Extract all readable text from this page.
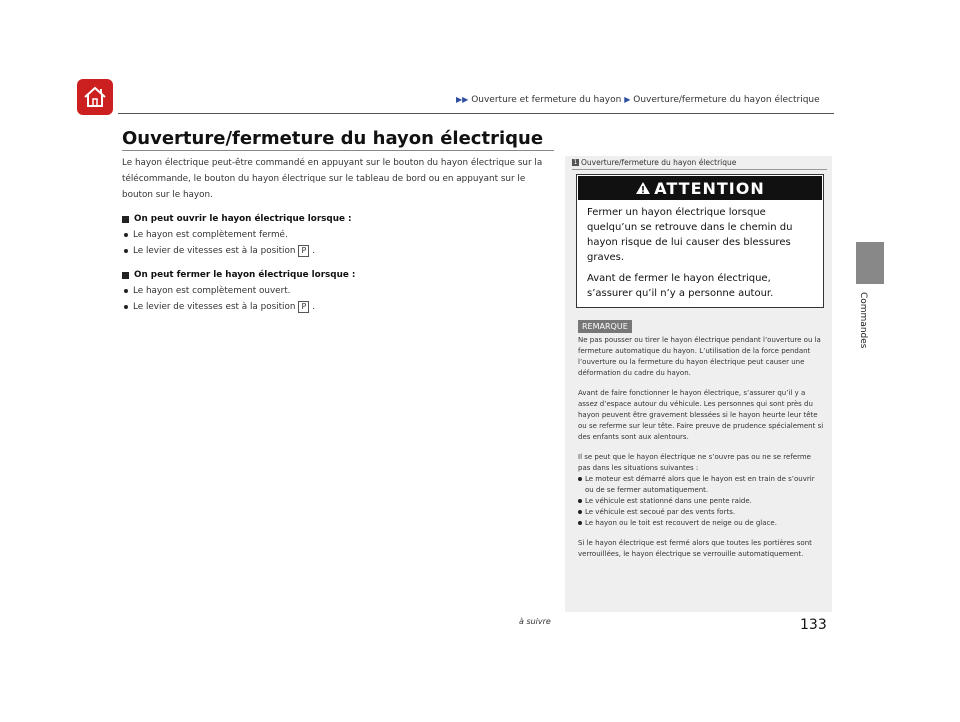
▶▶ Ouverture et fermeture du hayon ▶ Ouverture/fermeture du hayon électrique
Commandes
Ouverture/fermeture du hayon électrique

Le hayon électrique peut-être commandé en appuyant sur le bouton du hayon électrique sur la télécommande, le bouton du hayon électrique sur le tableau de bord ou en appuyant sur le bouton sur le hayon.

On peut ouvrir le hayon électrique lorsque :
Le hayon est complètement fermé.
Le levier de vitesses est à la position P .
On peut fermer le hayon électrique lorsque :
Le hayon est complètement ouvert.
Le levier de vitesses est à la position P .
1 Ouverture/fermeture du hayon électrique
ATTENTION

Fermer un hayon électrique lorsque quelqu’un se retrouve dans le chemin du hayon risque de lui causer des blessures graves.

Avant de fermer le hayon électrique, s’assurer qu’il n’y a personne autour.

REMARQUE

Ne pas pousser ou tirer le hayon électrique pendant l’ouverture ou la fermeture automatique du hayon. L’utilisation de la force pendant l’ouverture ou la fermeture du hayon électrique peut causer une déformation du cadre du hayon.

Avant de faire fonctionner le hayon électrique, s’assurer qu’il y a assez d’espace autour du véhicule. Les personnes qui sont près du hayon peuvent être gravement blessées si le hayon heurte leur tête ou se referme sur leur tête. Faire preuve de prudence spécialement si des enfants sont aux alentours.

Il se peut que le hayon électrique ne s’ouvre pas ou ne se referme pas dans les situations suivantes :
Le moteur est démarré alors que le hayon est en train de s’ouvrir ou de se fermer automatiquement.
Le véhicule est stationné dans une pente raide.
Le véhicule est secoué par des vents forts.
Le hayon ou le toit est recouvert de neige ou de glace.

Si le hayon électrique est fermé alors que toutes les portières sont verrouillées, le hayon électrique se verrouille automatiquement.

à suivre	133
